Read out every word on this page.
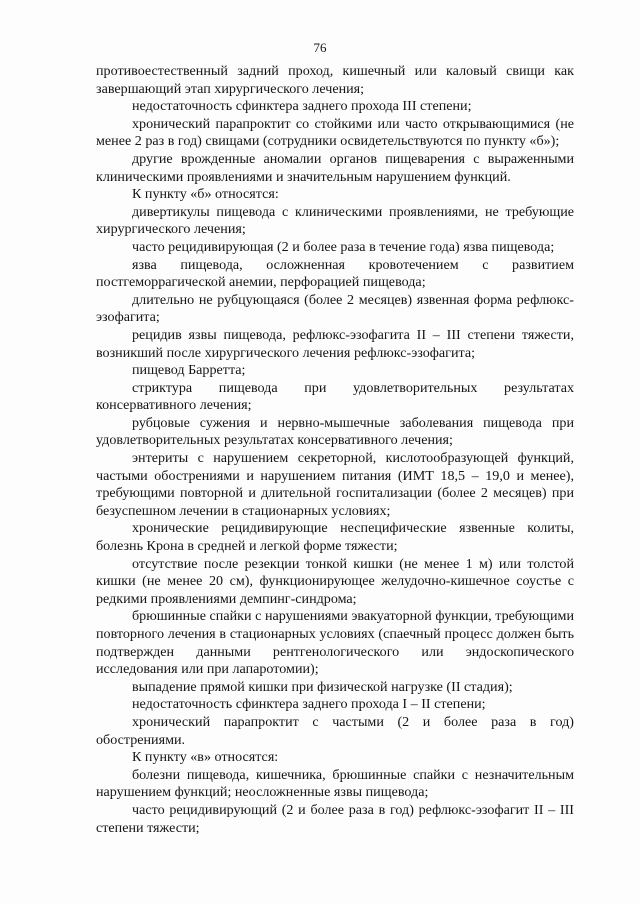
76

противоестественный задний проход, кишечный или каловый свищи как завершающий этап хирургического лечения;

недостаточность сфинктера заднего прохода III степени;

хронический парапроктит со стойкими или часто открывающимися (не менее 2 раз в год) свищами (сотрудники освидетельствуются по пункту «б»);

другие врожденные аномалии органов пищеварения с выраженными клиническими проявлениями и значительным нарушением функций.

К пункту «б» относятся:

дивертикулы пищевода с клиническими проявлениями, не требующие хирургического лечения;

часто рецидивирующая (2 и более раза в течение года) язва пищевода;

язва пищевода, осложненная кровотечением с развитием постгеморрагической анемии, перфорацией пищевода;

длительно не рубцующаяся (более 2 месяцев) язвенная форма рефлюкс-эзофагита;

рецидив язвы пищевода, рефлюкс-эзофагита II – III степени тяжести, возникший после хирургического лечения рефлюкс-эзофагита;

пищевод Барретта;

стриктура пищевода при удовлетворительных результатах консервативного лечения;

рубцовые сужения и нервно-мышечные заболевания пищевода при удовлетворительных результатах консервативного лечения;

энтериты с нарушением секреторной, кислотообразующей функций, частыми обострениями и нарушением питания (ИМТ 18,5 – 19,0 и менее), требующими повторной и длительной госпитализации (более 2 месяцев) при безуспешном лечении в стационарных условиях;

хронические рецидивирующие неспецифические язвенные колиты, болезнь Крона в средней и легкой форме тяжести;

отсутствие после резекции тонкой кишки (не менее 1 м) или толстой кишки (не менее 20 см), функционирующее желудочно-кишечное соустье с редкими проявлениями демпинг-синдрома;

брюшинные спайки с нарушениями эвакуаторной функции, требующими повторного лечения в стационарных условиях (спаечный процесс должен быть подтвержден данными рентгенологического или эндоскопического исследования или при лапаротомии);

выпадение прямой кишки при физической нагрузке (II стадия);

недостаточность сфинктера заднего прохода I – II степени;

хронический парапроктит с частыми (2 и более раза в год) обострениями.

К пункту «в» относятся:

болезни пищевода, кишечника, брюшинные спайки с незначительным нарушением функций; неосложненные язвы пищевода;

часто рецидивирующий (2 и более раза в год) рефлюкс-эзофагит II – III степени тяжести;
